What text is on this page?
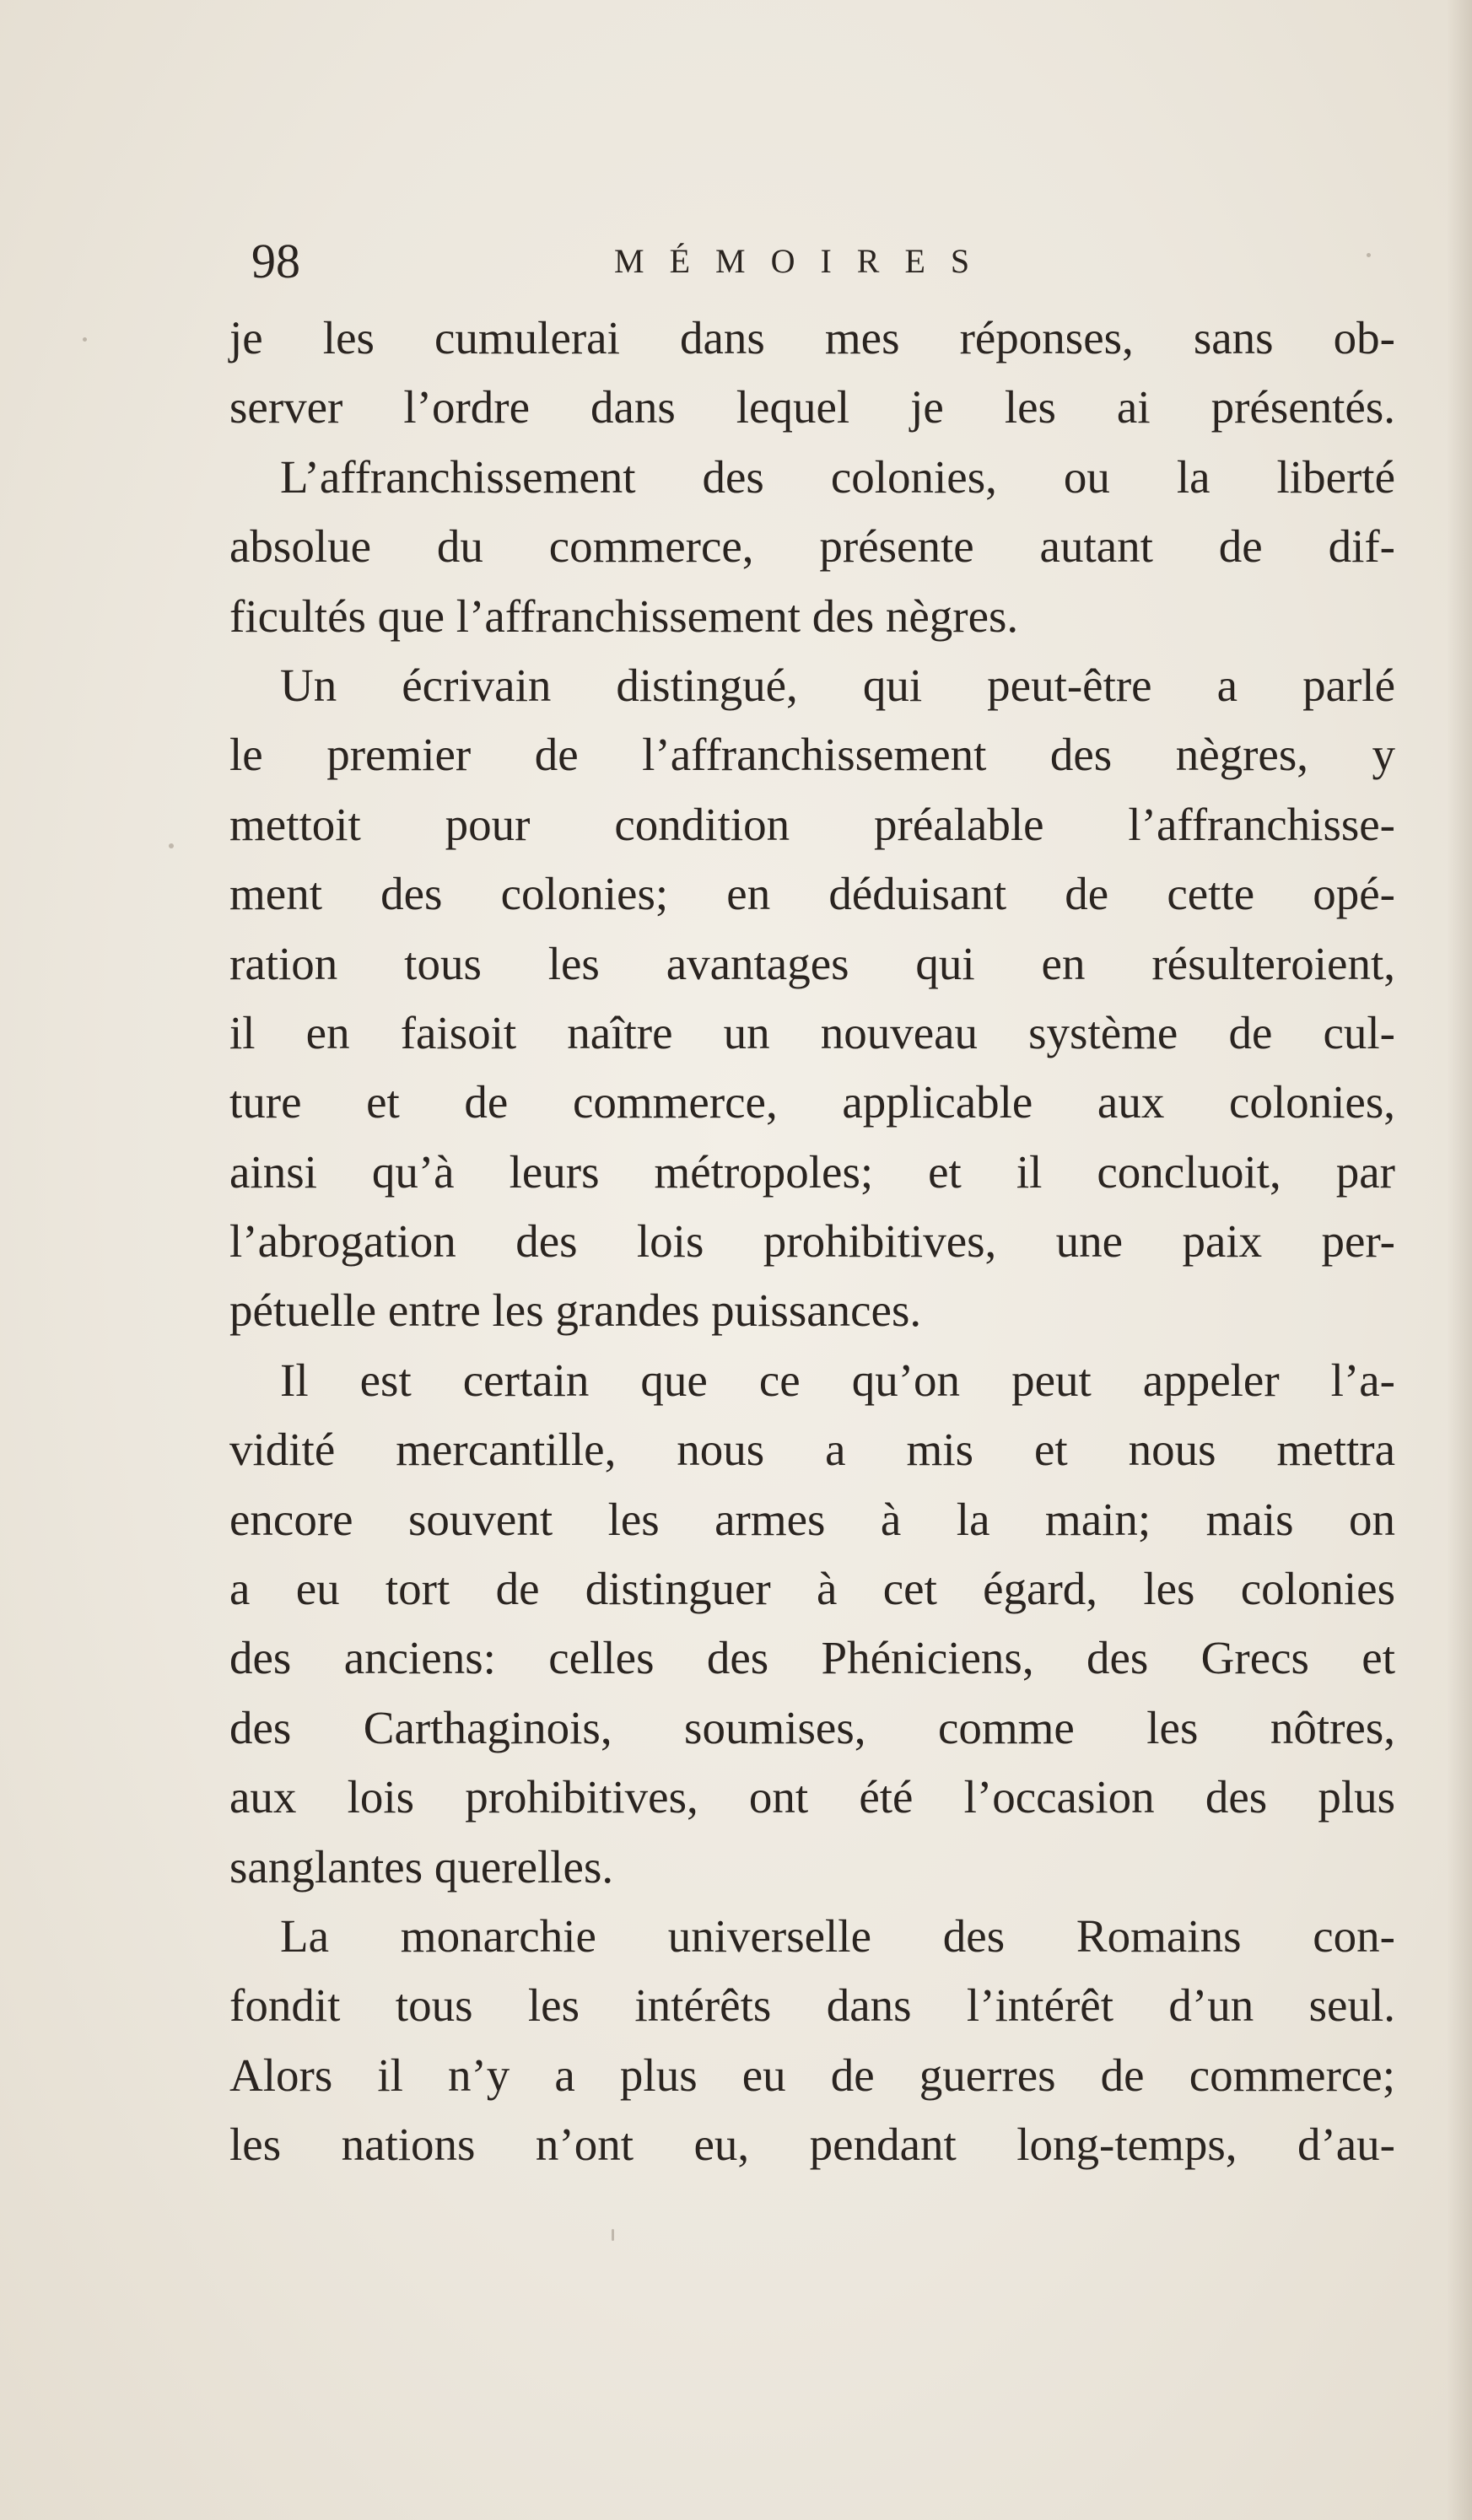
98	MÉMOIRES
je les cumulerai dans mes réponses, sans ob-
server l’ordre dans lequel je les ai présentés.
L’affranchissement des colonies, ou la liberté
absolue du commerce, présente autant de dif-
ficultés que l’affranchissement des nègres.
Un écrivain distingué, qui peut-être a parlé
le premier de l’affranchissement des nègres, y
mettoit pour condition préalable l’affranchisse-
ment des colonies; en déduisant de cette opé-
ration tous les avantages qui en résulteroient,
il en faisoit naître un nouveau système de cul-
ture et de commerce, applicable aux colonies,
ainsi qu’à leurs métropoles; et il concluoit, par
l’abrogation des lois prohibitives, une paix per-
pétuelle entre les grandes puissances.
Il est certain que ce qu’on peut appeler l’a-
vidité mercantille, nous a mis et nous mettra
encore souvent les armes à la main; mais on
a eu tort de distinguer à cet égard, les colonies
des anciens: celles des Phéniciens, des Grecs et
des Carthaginois, soumises, comme les nôtres,
aux lois prohibitives, ont été l’occasion des plus
sanglantes querelles.
La monarchie universelle des Romains con-
fondit tous les intérêts dans l’intérêt d’un seul.
Alors il n’y a plus eu de guerres de commerce;
les nations n’ont eu, pendant long-temps, d’au-
